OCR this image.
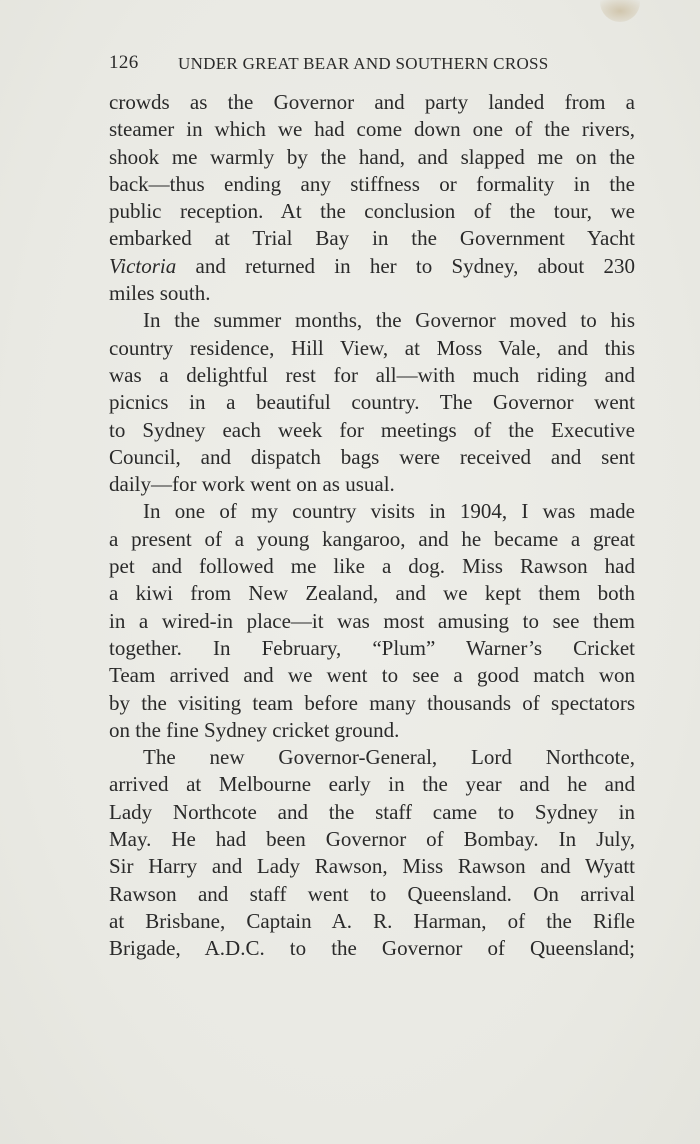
126 UNDER GREAT BEAR AND SOUTHERN CROSS
crowds as the Governor and party landed from a
steamer in which we had come down one of the rivers,
shook me warmly by the hand, and slapped me on the
back—thus ending any stiffness or formality in the
public reception. At the conclusion of the tour, we
embarked at Trial Bay in the Government Yacht
Victoria and returned in her to Sydney, about 230
miles south.
In the summer months, the Governor moved to his
country residence, Hill View, at Moss Vale, and this
was a delightful rest for all—with much riding and
picnics in a beautiful country. The Governor went
to Sydney each week for meetings of the Executive
Council, and dispatch bags were received and sent
daily—for work went on as usual.
In one of my country visits in 1904, I was made
a present of a young kangaroo, and he became a great
pet and followed me like a dog. Miss Rawson had
a kiwi from New Zealand, and we kept them both
in a wired-in place—it was most amusing to see them
together. In February, “Plum” Warner’s Cricket
Team arrived and we went to see a good match won
by the visiting team before many thousands of spectators
on the fine Sydney cricket ground.
The new Governor-General, Lord Northcote,
arrived at Melbourne early in the year and he and
Lady Northcote and the staff came to Sydney in
May. He had been Governor of Bombay. In July,
Sir Harry and Lady Rawson, Miss Rawson and Wyatt
Rawson and staff went to Queensland. On arrival
at Brisbane, Captain A. R. Harman, of the Rifle
Brigade, A.D.C. to the Governor of Queensland;
